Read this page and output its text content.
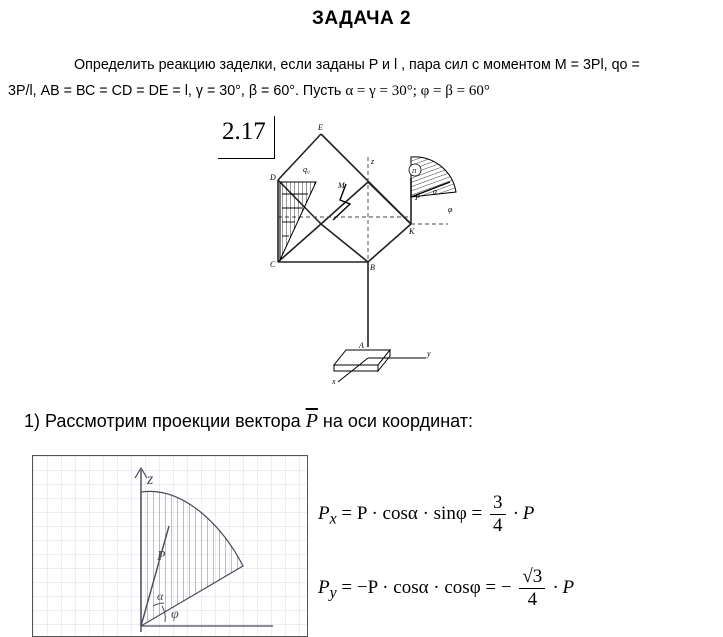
ЗАДАЧА 2
Определить реакцию заделки, если заданы P и l , пара сил с моментом М = 3Pl, qo =
3P/l, АВ = ВС = CD = DE = l, γ = 30°, β = 60°. Пусть α = γ = 30°; φ = β = 60°
2.17	E
D
C	B
K
A
q₀
M
P
z
y
x
α
φ
П
1) Рассмотрим проекции вектора $\overline{P}$ на оси координат:
z
P
α
φ
$P_x = P \cdot \cos\alpha \cdot \sin\varphi = \frac{3}{4} \cdot P$
$P_y = -P \cdot \cos\alpha \cdot \cos\varphi$ = − $\frac{√3}{4} \cdot P$
